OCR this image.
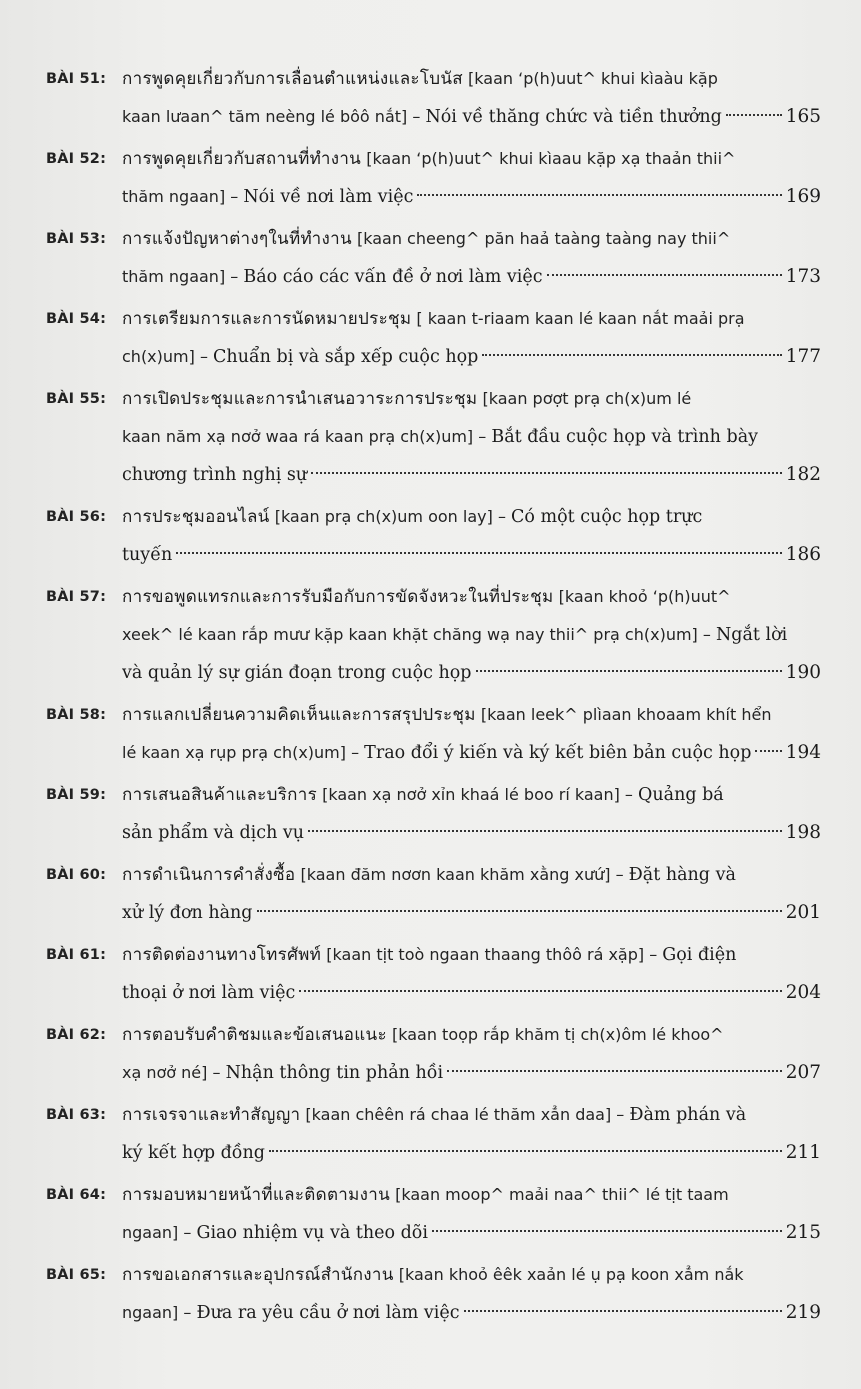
BÀI 51: การพูดคุยเกี่ยวกับการเลื่อนตำแหน่งและโบนัส [kaan ‘p(h)uut^ khui kìaàu kặp
kaan lưaan^ tăm neèng lé bôô nắt] – Nói về thăng chức và tiền thưởng	165
BÀI 52: การพูดคุยเกี่ยวกับสถานที่ทำงาน [kaan ‘p(h)uut^ khui kìaau kặp xạ thaản thii^
thăm ngaan] – Nói về nơi làm việc	169
BÀI 53: การแจ้งปัญหาต่างๆในที่ทำงาน [kaan cheeng^ păn haả taàng taàng nay thii^
thăm ngaan] – Báo cáo các vấn đề ở nơi làm việc	173
BÀI 54: การเตรียมการและการนัดหมายประชุม [ kaan t-riaam kaan lé kaan nắt maải prạ
ch(x)um] – Chuẩn bị và sắp xếp cuộc họp	177
BÀI 55: การเปิดประชุมและการนำเสนอวาระการประชุม [kaan pơợt prạ ch(x)um lé
kaan năm xạ nơở waa rá kaan prạ ch(x)um] – Bắt đầu cuộc họp và trình bày
chương trình nghị sự	182
BÀI 56: การประชุมออนไลน์ [kaan prạ ch(x)um oon lay] – Có một cuộc họp trực
tuyến	186
BÀI 57: การขอพูดแทรกและการรับมือกับการขัดจังหวะในที่ประชุม [kaan khoỏ ‘p(h)uut^
xeek^ lé kaan rắp mưư kặp kaan khặt chăng wạ nay thii^ prạ ch(x)um] – Ngắt lời
và quản lý sự gián đoạn trong cuộc họp	190
BÀI 58: การแลกเปลี่ยนความคิดเห็นและการสรุปประชุม [kaan leek^ plìaan khoaam khít hển
lé kaan xạ rụp prạ ch(x)um] – Trao đổi ý kiến và ký kết biên bản cuộc họp 194
BÀI 59: การเสนอสินค้าและบริการ [kaan xạ nơở xỉn khaá lé boo rí kaan] – Quảng bá
sản phẩm và dịch vụ	198
BÀI 60: การดำเนินการคำสั่งซื้อ [kaan đăm nơơn kaan khăm xằng xưứ] – Đặt hàng và
xử lý đơn hàng	201
BÀI 61: การติดต่องานทางโทรศัพท์ [kaan tịt toò ngaan thaang thôô rá xặp] – Gọi điện
thoại ở nơi làm việc	204
BÀI 62: การตอบรับคำติชมและข้อเสนอแนะ [kaan toọp rắp khăm tị ch(x)ôm lé khoo^
xạ nơở né] – Nhận thông tin phản hồi	207
BÀI 63: การเจรจาและทำสัญญา [kaan chêên rá chaa lé thăm xẳn daa] – Đàm phán và
ký kết hợp đồng	211
BÀI 64: การมอบหมายหน้าที่และติดตามงาน [kaan moop^ maải naa^ thii^ lé tịt taam
ngaan] – Giao nhiệm vụ và theo dõi	215
BÀI 65: การขอเอกสารและอุปกรณ์สำนักงาน [kaan khoỏ êêk xaản lé ụ pạ koon xẳm nắk
ngaan] – Đưa ra yêu cầu ở nơi làm việc	219
